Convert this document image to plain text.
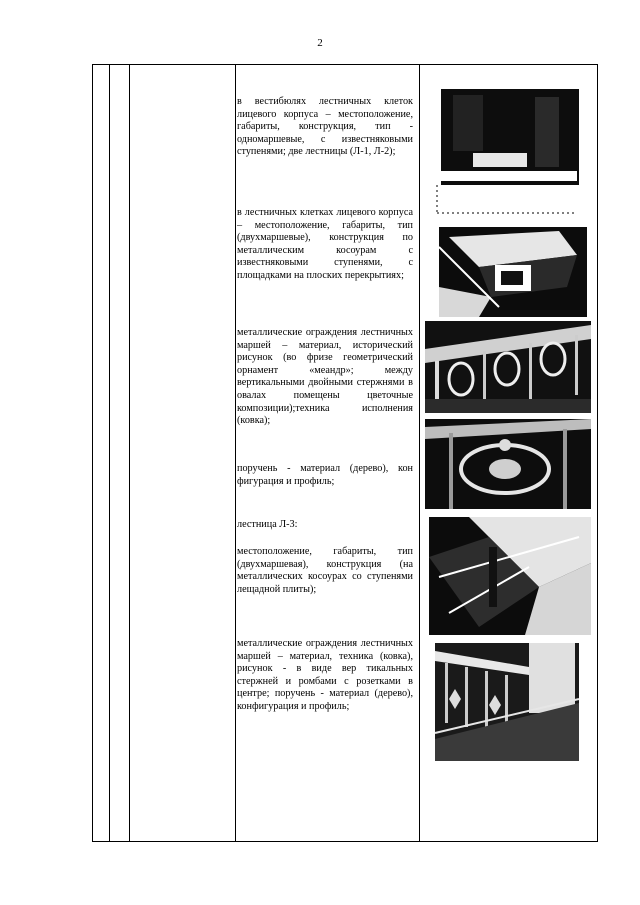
2

в вестибюлях лестничных клеток лицевого корпуса – местоположение, габариты, конструкция, тип - одномаршевые, с известняковыми ступенями; две лестницы (Л-1, Л-2);

в лестничных клетках лицевого корпуса – местоположение, габариты, тип (двухмаршевые), конструкция по металлическим косоурам с известняковыми ступенями, с площадками на плоских перекрытиях;

металлические ограждения лестничных маршей – материал, исторический рисунок (во фризе геометрический орнамент «меандр»; между вертикальными двойными стержнями в овалах помещены цветочные композиции);техника исполнения (ковка);

поручень - материал (дерево), кон фигурация и профиль;

лестница Л-3:

местоположение, габариты, тип (двухмаршевая), конструкция (на металлических косоурах со ступенями лещадной плиты);

металлические ограждения лестничных маршей – материал, техника (ковка), рисунок - в виде вер тикальных стержней и ромбами с розетками в центре; поручень - материал (дерево), конфигурация и профиль;
